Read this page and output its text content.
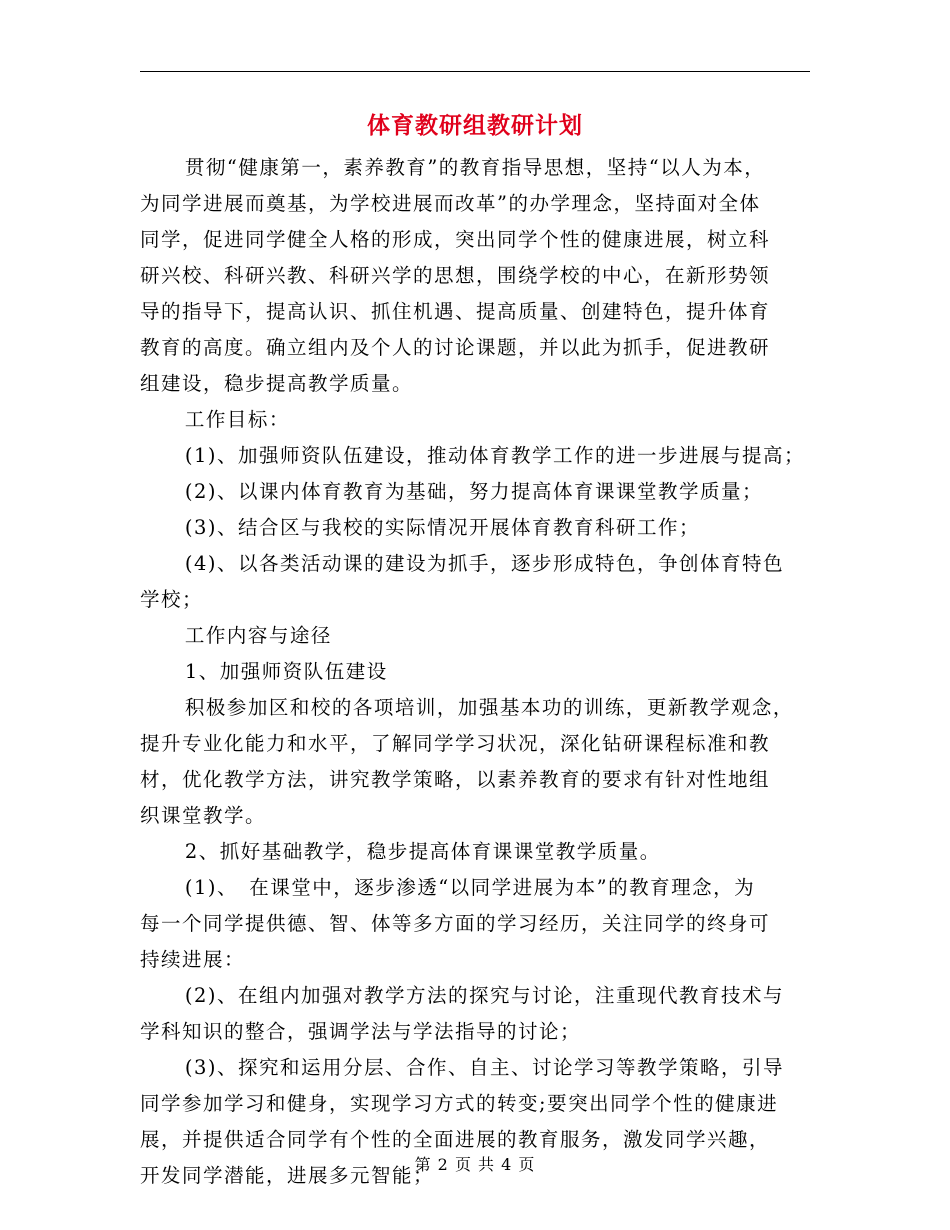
体育教研组教研计划

贯彻“健康第一，素养教育”的教育指导思想，坚持“以人为本，
为同学进展而奠基，为学校进展而改革”的办学理念，坚持面对全体
同学，促进同学健全人格的形成，突出同学个性的健康进展，树立科
研兴校、科研兴教、科研兴学的思想，围绕学校的中心，在新形势领
导的指导下，提高认识、抓住机遇、提高质量、创建特色，提升体育
教育的高度。确立组内及个人的讨论课题，并以此为抓手，促进教研
组建设，稳步提高教学质量。

工作目标：

(1)、加强师资队伍建设，推动体育教学工作的进一步进展与提高；

(2)、以课内体育教育为基础，努力提高体育课课堂教学质量；

(3)、结合区与我校的实际情况开展体育教育科研工作；

(4)、以各类活动课的建设为抓手，逐步形成特色，争创体育特色
学校；

工作内容与途径

1、加强师资队伍建设

积极参加区和校的各项培训，加强基本功的训练，更新教学观念，
提升专业化能力和水平，了解同学学习状况，深化钻研课程标准和教
材，优化教学方法，讲究教学策略，以素养教育的要求有针对性地组
织课堂教学。

2、抓好基础教学，稳步提高体育课课堂教学质量。

(1)、　在课堂中，逐步渗透“以同学进展为本”的教育理念，为
每一个同学提供德、智、体等多方面的学习经历，关注同学的终身可
持续进展：

(2)、在组内加强对教学方法的探究与讨论，注重现代教育技术与
学科知识的整合，强调学法与学法指导的讨论；

(3)、探究和运用分层、合作、自主、讨论学习等教学策略，引导
同学参加学习和健身，实现学习方式的转变;要突出同学个性的健康进
展，并提供适合同学有个性的全面进展的教育服务，激发同学兴趣，
开发同学潜能，进展多元智能；

第 2 页 共 4 页
